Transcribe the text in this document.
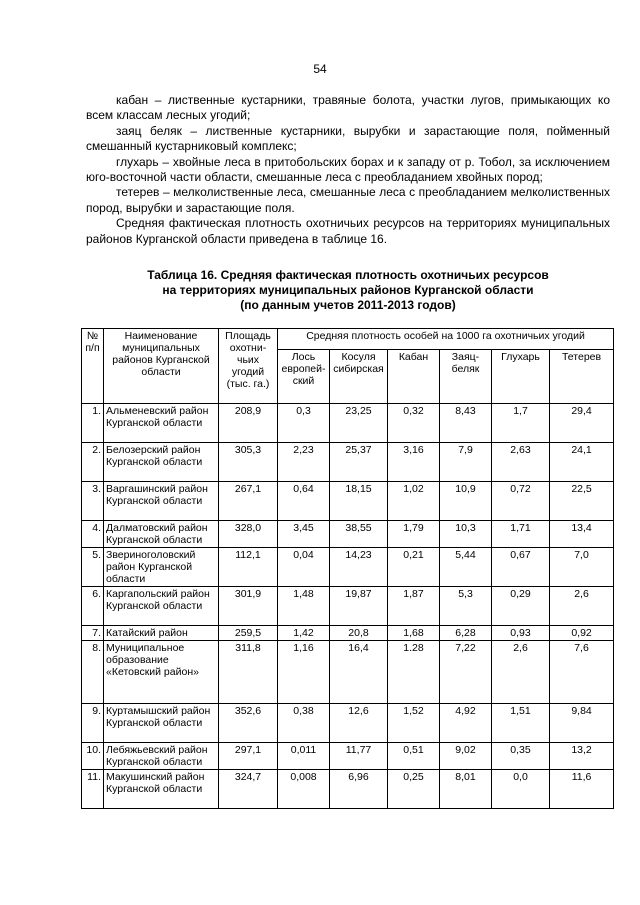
54

кабан – лиственные кустарники, травяные болота, участки лугов, примыкающих ко всем классам лесных угодий;

заяц беляк – лиственные кустарники, вырубки и зарастающие поля, пойменный смешанный кустарниковый комплекс;

глухарь – хвойные леса в притобольских борах и к западу от р. Тобол, за исключением юго-восточной части области, смешанные леса с преобладанием хвойных пород;

тетерев – мелколиственные леса, смешанные леса с преобладанием мелколиственных пород, вырубки и зарастающие поля.

Средняя фактическая плотность охотничьих ресурсов на территориях муниципальных районов Курганской области приведена в таблице 16.

Таблица 16. Средняя фактическая плотность охотничьих ресурсов
на территориях муниципальных районов Курганской области
(по данным учетов 2011-2013 годов)
№ п/п	Наименование муниципальных районов Курганской области	Площадь охотни-чьих угодий (тыс. га.)	Средняя плотность особей на 1000 га охотничьих угодий					
			Лось европей-ский	Косуля сибирская	Кабан	Заяц-беляк	Глухарь	Тетерев
1.	Альменевский район Курганской области	208,9	0,3	23,25	0,32	8,43	1,7	29,4
2.	Белозерский район Курганской области	305,3	2,23	25,37	3,16	7,9	2,63	24,1
3.	Варгашинский район Курганской области	267,1	0,64	18,15	1,02	10,9	0,72	22,5
4.	Далматовский район Курганской области	328,0	3,45	38,55	1,79	10,3	1,71	13,4
5.	Звериноголовский район Курганской области	112,1	0,04	14,23	0,21	5,44	0,67	7,0
6.	Каргапольский район Курганской области	301,9	1,48	19,87	1,87	5,3	0,29	2,6
7.	Катайский район	259,5	1,42	20,8	1,68	6,28	0,93	0,92
8.	Муниципальное образование «Кетовский район»	311,8	1,16	16,4	1.28	7,22	2,6	7,6
9.	Куртамышский район Курганской области	352,6	0,38	12,6	1,52	4,92	1,51	9,84
10.	Лебяжьевский район Курганской области	297,1	0,011	11,77	0,51	9,02	0,35	13,2
11.	Макушинский район Курганской области	324,7	0,008	6,96	0,25	8,01	0,0	11,6
